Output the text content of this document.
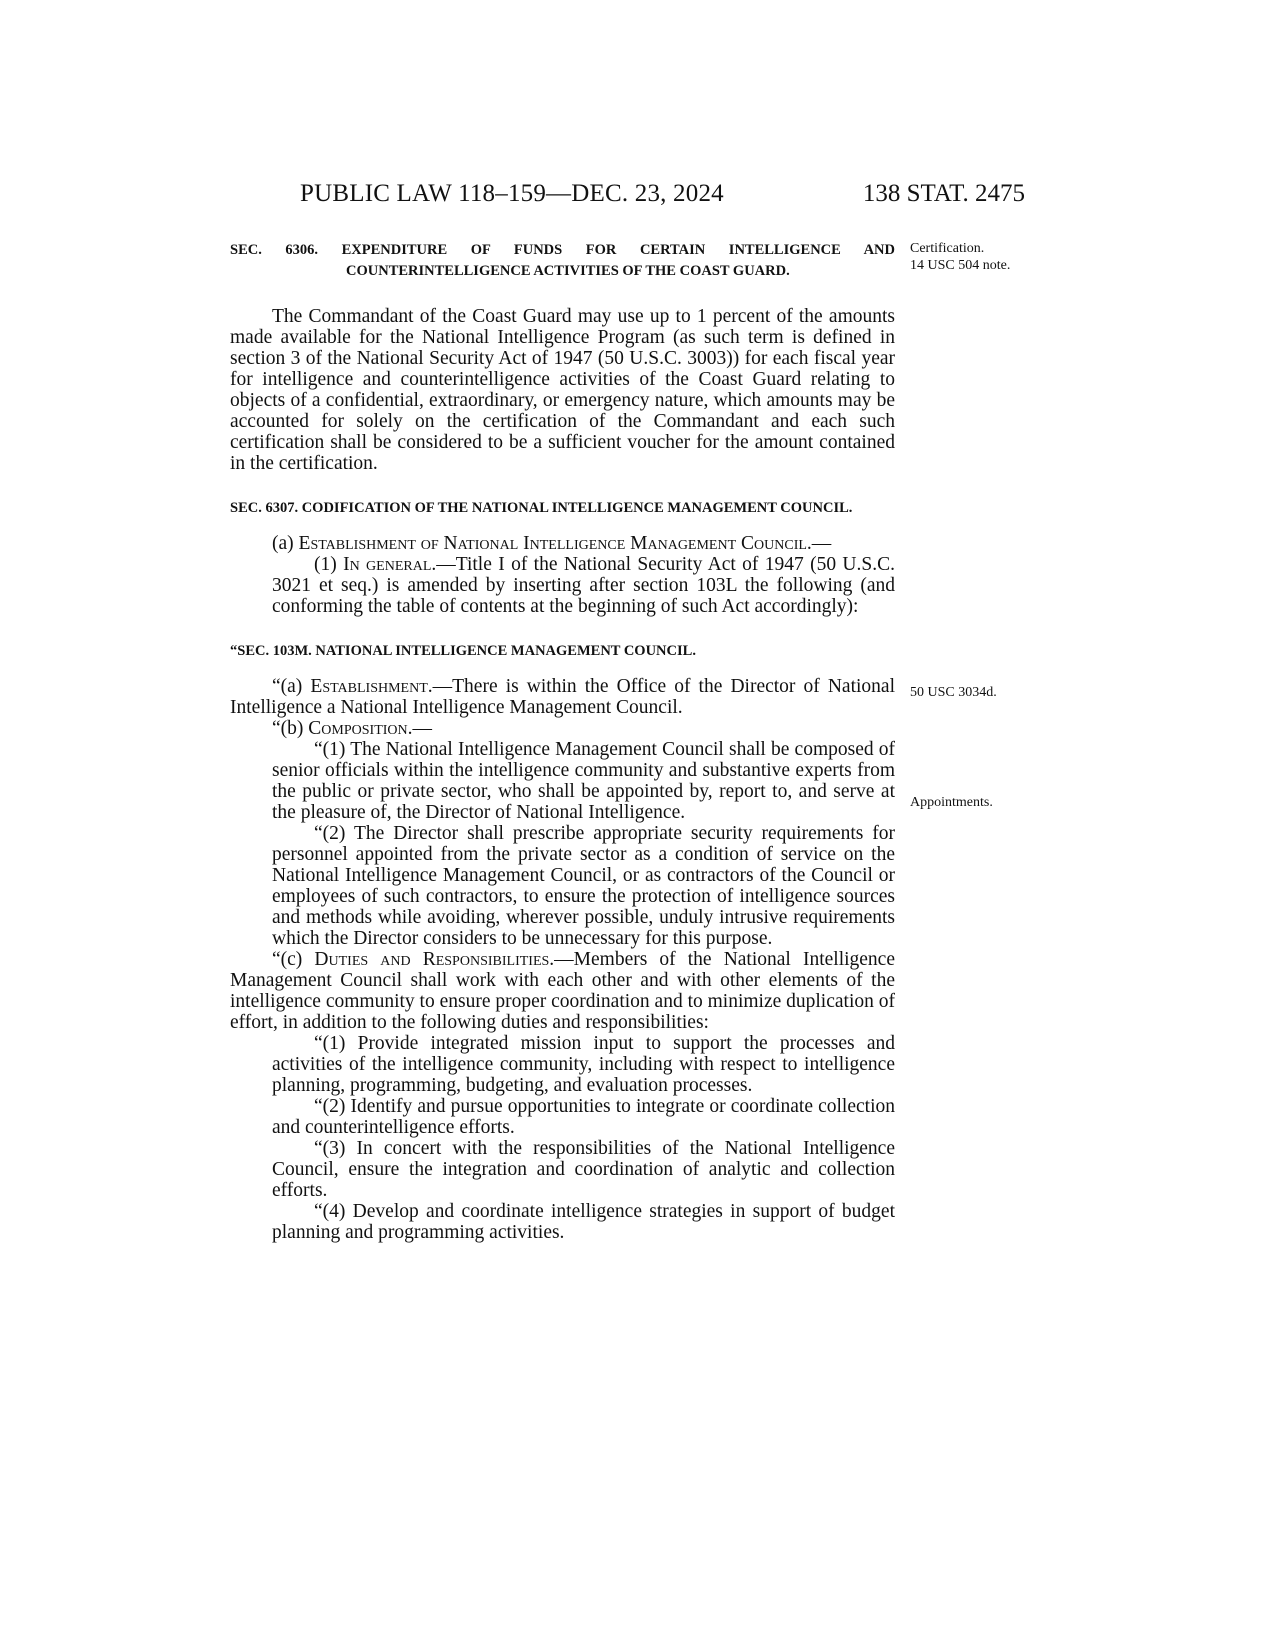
PUBLIC LAW 118–159—DEC. 23, 2024	138 STAT. 2475
Certification.
14 USC 504 note.
50 USC 3034d.
Appointments.
SEC. 6306. EXPENDITURE OF FUNDS FOR CERTAIN INTELLIGENCE AND COUNTERINTELLIGENCE ACTIVITIES OF THE COAST GUARD.

The Commandant of the Coast Guard may use up to 1 percent of the amounts made available for the National Intelligence Program (as such term is defined in section 3 of the National Security Act of 1947 (50 U.S.C. 3003)) for each fiscal year for intelligence and counterintelligence activities of the Coast Guard relating to objects of a confidential, extraordinary, or emergency nature, which amounts may be accounted for solely on the certification of the Commandant and each such certification shall be considered to be a sufficient voucher for the amount contained in the certification.

SEC. 6307. CODIFICATION OF THE NATIONAL INTELLIGENCE MANAGEMENT COUNCIL.

(a) Establishment of National Intelligence Management Council.—

(1) In general.—Title I of the National Security Act of 1947 (50 U.S.C. 3021 et seq.) is amended by inserting after section 103L the following (and conforming the table of contents at the beginning of such Act accordingly):

“SEC. 103M. NATIONAL INTELLIGENCE MANAGEMENT COUNCIL.

“(a) Establishment.—There is within the Office of the Director of National Intelligence a National Intelligence Management Council.

“(b) Composition.—

“(1) The National Intelligence Management Council shall be composed of senior officials within the intelligence community and substantive experts from the public or private sector, who shall be appointed by, report to, and serve at the pleasure of, the Director of National Intelligence.

“(2) The Director shall prescribe appropriate security requirements for personnel appointed from the private sector as a condition of service on the National Intelligence Management Council, or as contractors of the Council or employees of such contractors, to ensure the protection of intelligence sources and methods while avoiding, wherever possible, unduly intrusive requirements which the Director considers to be unnecessary for this purpose.

“(c) Duties and Responsibilities.—Members of the National Intelligence Management Council shall work with each other and with other elements of the intelligence community to ensure proper coordination and to minimize duplication of effort, in addition to the following duties and responsibilities:

“(1) Provide integrated mission input to support the processes and activities of the intelligence community, including with respect to intelligence planning, programming, budgeting, and evaluation processes.

“(2) Identify and pursue opportunities to integrate or coordinate collection and counterintelligence efforts.

“(3) In concert with the responsibilities of the National Intelligence Council, ensure the integration and coordination of analytic and collection efforts.

“(4) Develop and coordinate intelligence strategies in support of budget planning and programming activities.
